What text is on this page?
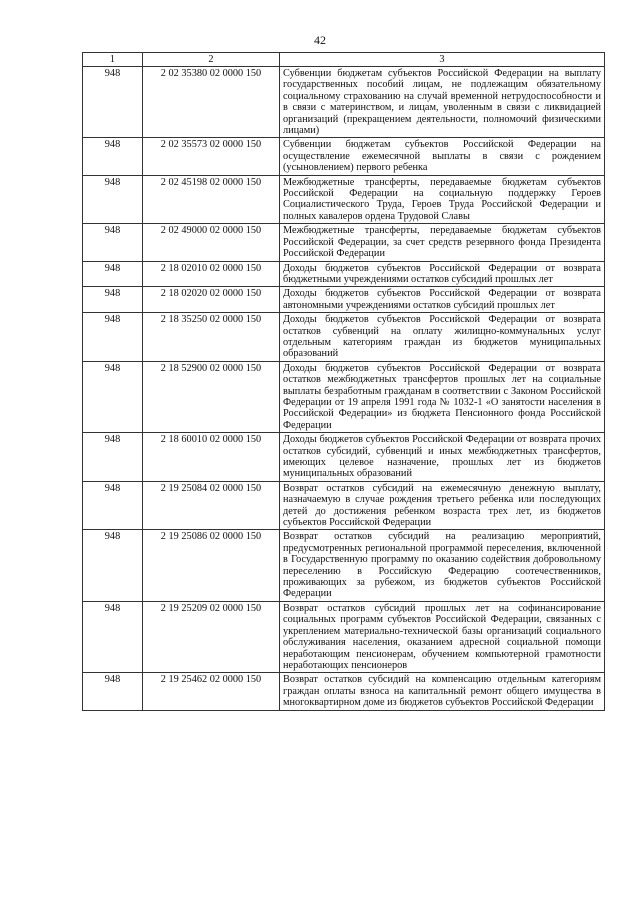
42
1	2	3
948	2 02 35380 02 0000 150	Субвенции бюджетам субъектов Российской Федерации на выплату государственных пособий лицам, не подлежащим обязательному социальному страхованию на случай временной нетрудоспособности и в связи с материнством, и лицам, уволенным в связи с ликвидацией организаций (прекращением деятельности, полномочий физическими лицами)
948	2 02 35573 02 0000 150	Субвенции бюджетам субъектов Российской Федерации на осуществление ежемесячной выплаты в связи с рождением (усыновлением) первого ребенка
948	2 02 45198 02 0000 150	Межбюджетные трансферты, передаваемые бюджетам субъектов Российской Федерации на социальную поддержку Героев Социалистического Труда, Героев Труда Российской Федерации и полных кавалеров ордена Трудовой Славы
948	2 02 49000 02 0000 150	Межбюджетные трансферты, передаваемые бюджетам субъектов Российской Федерации, за счет средств резервного фонда Президента Российской Федерации
948	2 18 02010 02 0000 150	Доходы бюджетов субъектов Российской Федерации от возврата бюджетными учреждениями остатков субсидий прошлых лет
948	2 18 02020 02 0000 150	Доходы бюджетов субъектов Российской Федерации от возврата автономными учреждениями остатков субсидий прошлых лет
948	2 18 35250 02 0000 150	Доходы бюджетов субъектов Российской Федерации от возврата остатков субвенций на оплату жилищно-коммунальных услуг отдельным категориям граждан из бюджетов муниципальных образований
948	2 18 52900 02 0000 150	Доходы бюджетов субъектов Российской Федерации от возврата остатков межбюджетных трансфертов прошлых лет на социальные выплаты безработным гражданам в соответствии с Законом Российской Федерации от 19 апреля 1991 года № 1032-1 «О занятости населения в Российской Федерации» из бюджета Пенсионного фонда Российской Федерации
948	2 18 60010 02 0000 150	Доходы бюджетов субъектов Российской Федерации от возврата прочих остатков субсидий, субвенций и иных межбюджетных трансфертов, имеющих целевое назначение, прошлых лет из бюджетов муниципальных образований
948	2 19 25084 02 0000 150	Возврат остатков субсидий на ежемесячную денежную выплату, назначаемую в случае рождения третьего ребенка или последующих детей до достижения ребенком возраста трех лет, из бюджетов субъектов Российской Федерации
948	2 19 25086 02 0000 150	Возврат остатков субсидий на реализацию мероприятий, предусмотренных региональной программой переселения, включенной в Государственную программу по оказанию содействия добровольному переселению в Российскую Федерацию соотечественников, проживающих за рубежом, из бюджетов субъектов Российской Федерации
948	2 19 25209 02 0000 150	Возврат остатков субсидий прошлых лет на софинансирование социальных программ субъектов Российской Федерации, связанных с укреплением материально-технической базы организаций социального обслуживания населения, оказанием адресной социальной помощи неработающим пенсионерам, обучением компьютерной грамотности неработающих пенсионеров
948	2 19 25462 02 0000 150	Возврат остатков субсидий на компенсацию отдельным категориям граждан оплаты взноса на капитальный ремонт общего имущества в многоквартирном доме из бюджетов субъектов Российской Федерации
